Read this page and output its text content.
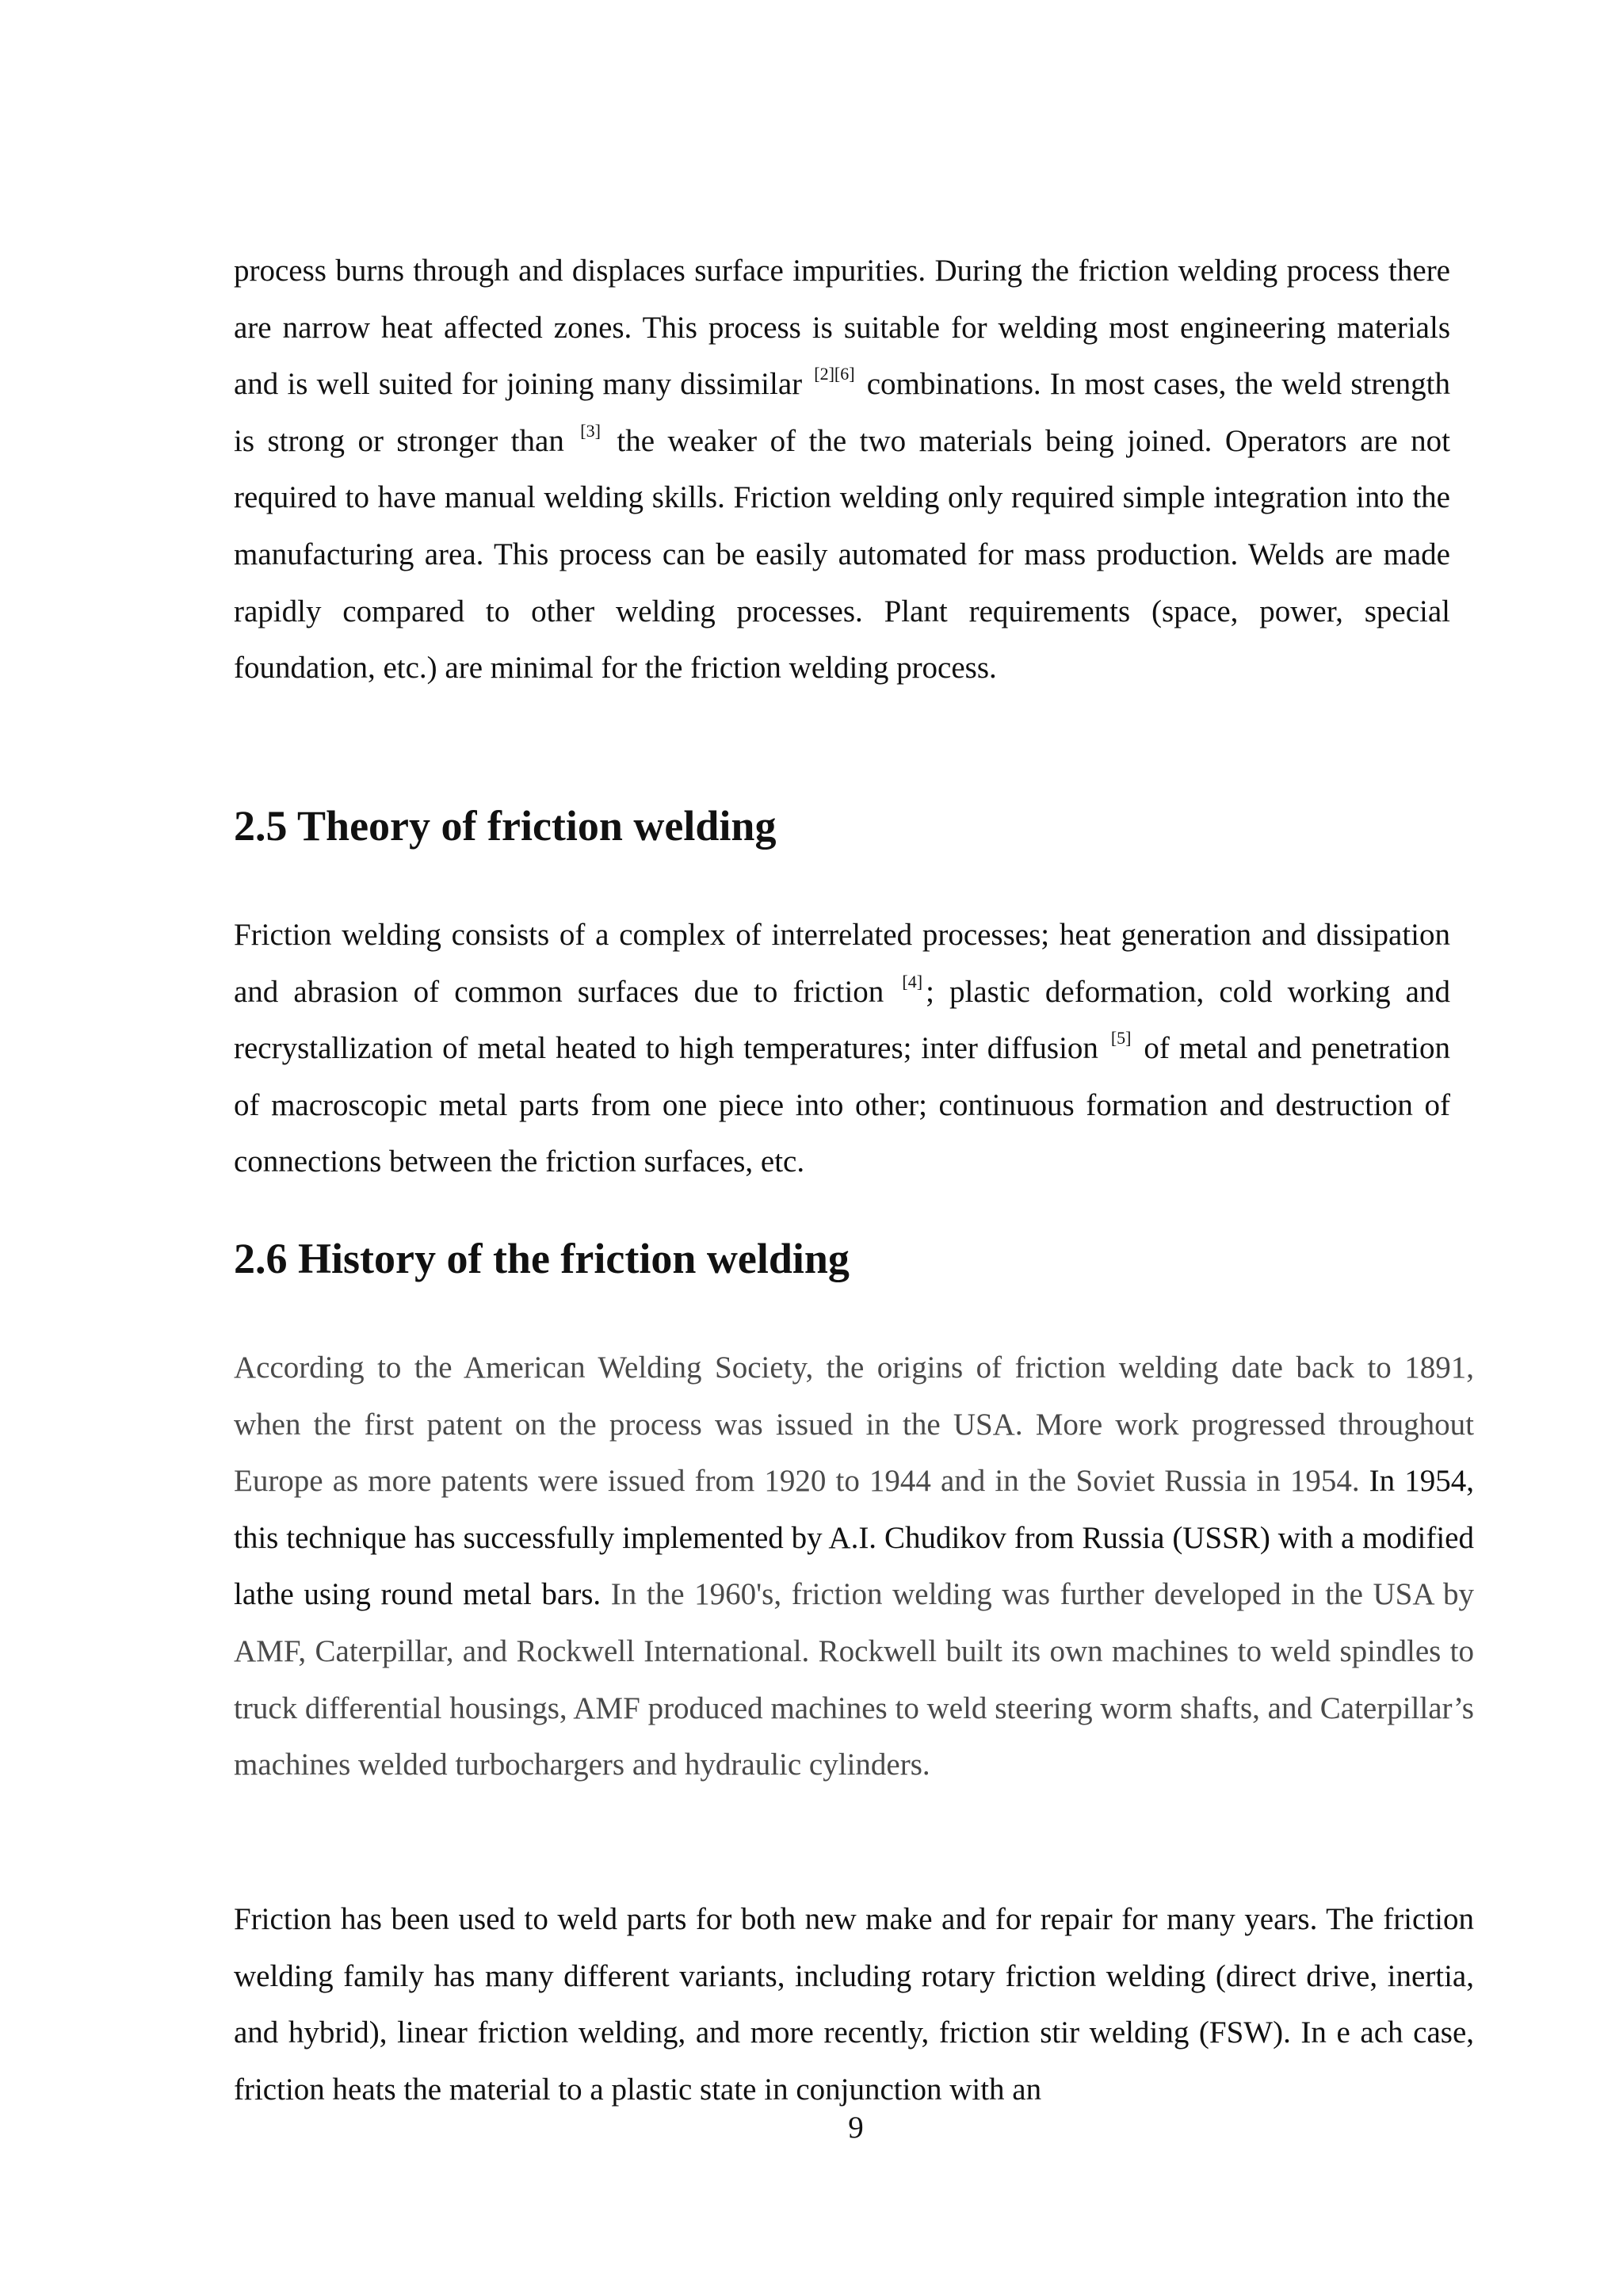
process burns through and displaces surface impurities. During the friction welding process there are narrow heat affected zones. This process is suitable for welding most engineering materials and is well suited for joining many dissimilar [2][6] combinations. In most cases, the weld strength is strong or stronger than [3] the weaker of the two materials being joined. Operators are not required to have manual welding skills. Friction welding only required simple integration into the manufacturing area. This process can be easily automated for mass production. Welds are made rapidly compared to other welding processes. Plant requirements (space, power, special foundation, etc.) are minimal for the friction welding process.
2.5 Theory of friction welding
Friction welding consists of a complex of interrelated processes; heat generation and dissipation and abrasion of common surfaces due to friction [4] ; plastic deformation, cold working and recrystallization of metal heated to high temperatures; inter diffusion [5] of metal and penetration of macroscopic metal parts from one piece into other; continuous formation and destruction of connections between the friction surfaces, etc.
2.6 History of the friction welding
According to the American Welding Society, the origins of friction welding date back to 1891, when the first patent on the process was issued in the USA. More work progressed throughout Europe as more patents were issued from 1920 to 1944 and in the Soviet Russia in 1954. In 1954, this technique has successfully implemented by A.I. Chudikov from Russia (USSR) with a modified lathe using round metal bars. In the 1960's, friction welding was further developed in the USA by AMF, Caterpillar, and Rockwell International. Rockwell built its own machines to weld spindles to truck differential housings, AMF produced machines to weld steering worm shafts, and Caterpillar’s machines welded turbochargers and hydraulic cylinders.
Friction has been used to weld parts for both new make and for repair for many years. The friction welding family has many different variants, including rotary friction welding (direct drive, inertia, and hybrid), linear friction welding, and more recently, friction stir welding (FSW). In e ach case, friction heats the material to a plastic state in conjunction with an
9
